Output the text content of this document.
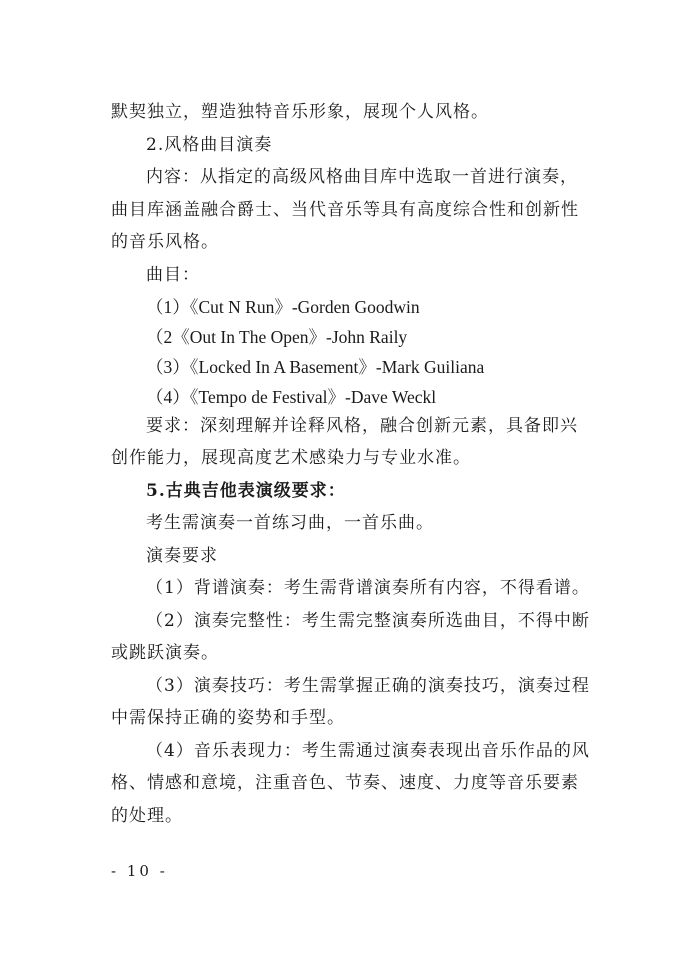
默契独立，塑造独特音乐形象，展现个人风格。
2.风格曲目演奏
内容：从指定的高级风格曲目库中选取一首进行演奏，
曲目库涵盖融合爵士、当代音乐等具有高度综合性和创新性
的音乐风格。
曲目：
（1）《Cut N Run》-Gorden Goodwin
（2《Out In The Open》-John Raily
（3）《Locked In A Basement》-Mark Guiliana
（4）《Tempo de Festival》-Dave Weckl
要求：深刻理解并诠释风格，融合创新元素，具备即兴
创作能力，展现高度艺术感染力与专业水准。
5.古典吉他表演级要求：
考生需演奏一首练习曲，一首乐曲。
演奏要求
（1）背谱演奏：考生需背谱演奏所有内容，不得看谱。
（2）演奏完整性：考生需完整演奏所选曲目，不得中断
或跳跃演奏。
（3）演奏技巧：考生需掌握正确的演奏技巧，演奏过程
中需保持正确的姿势和手型。
（4）音乐表现力：考生需通过演奏表现出音乐作品的风
格、情感和意境，注重音色、节奏、速度、力度等音乐要素
的处理。
- 10 -
